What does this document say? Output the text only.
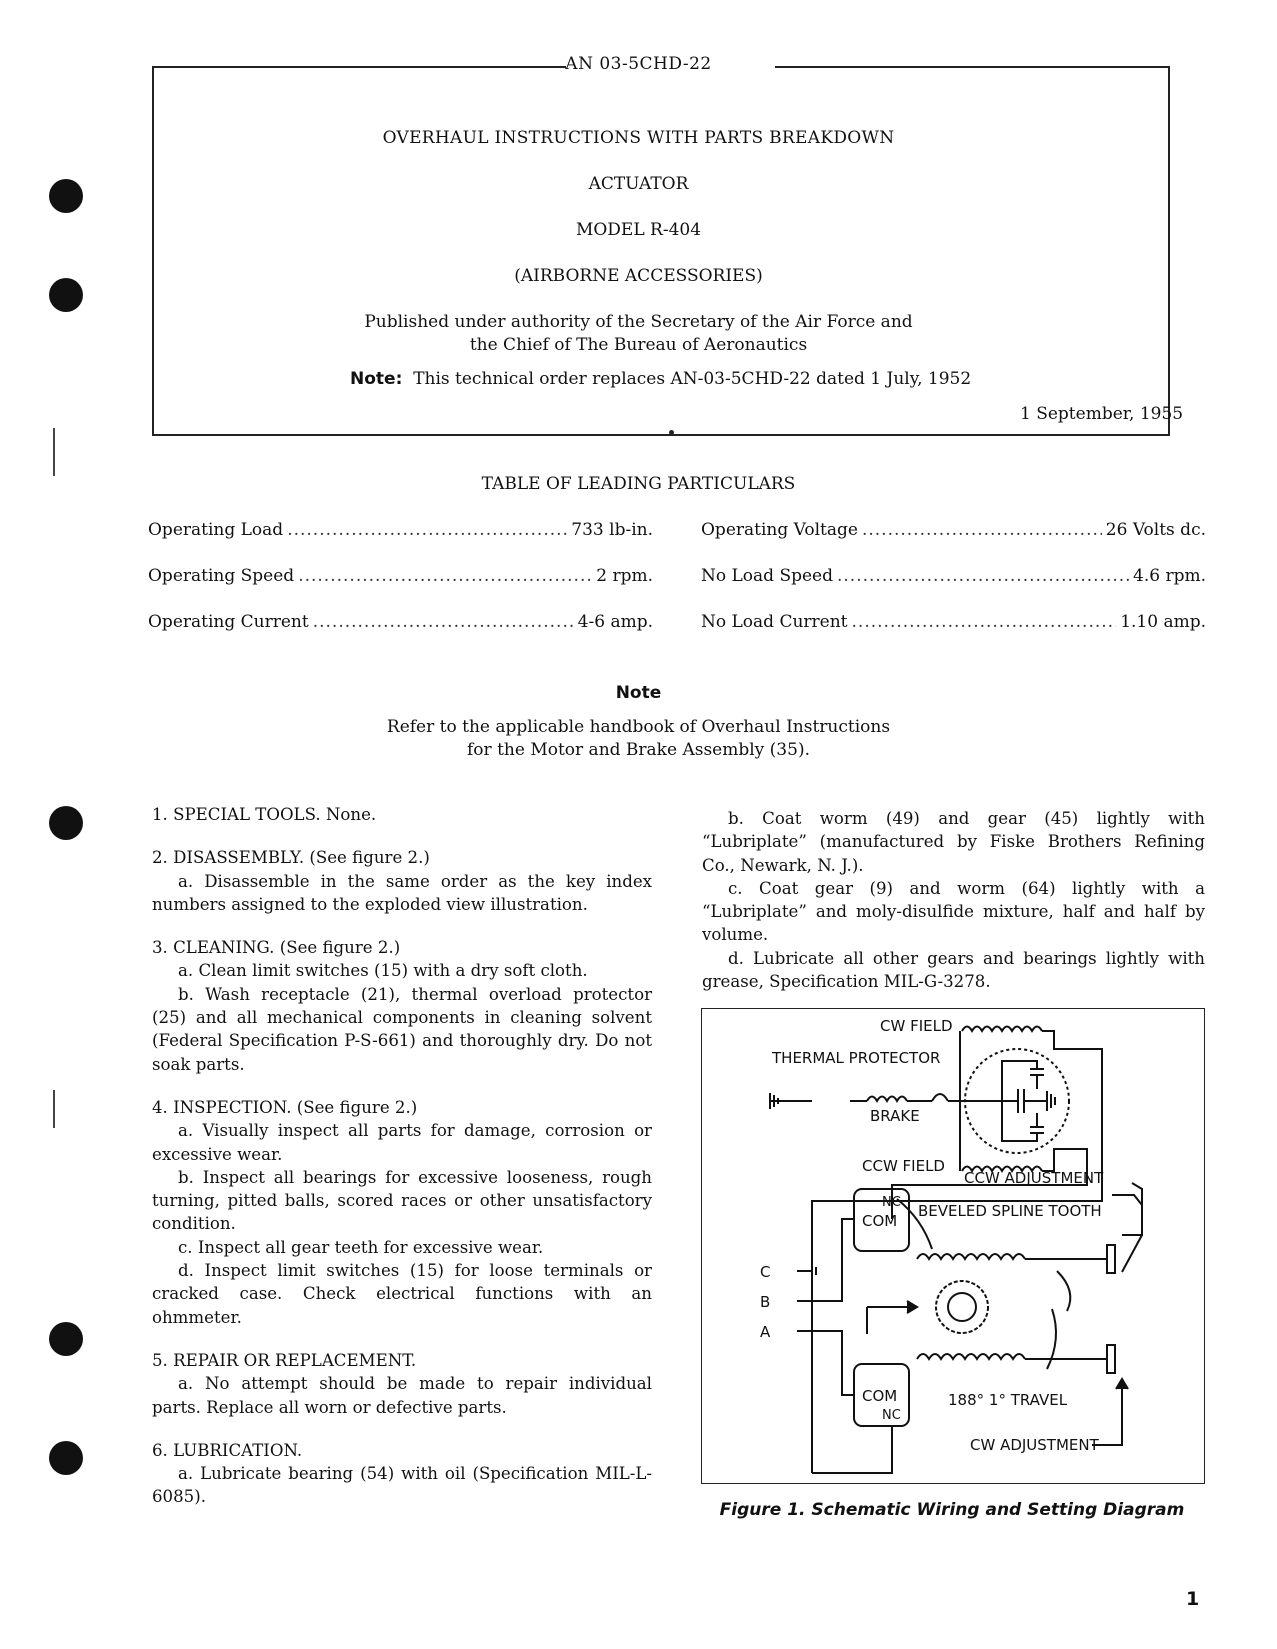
AN 03-5CHD-22
OVERHAUL INSTRUCTIONS WITH PARTS BREAKDOWN
ACTUATOR
MODEL R-404
(AIRBORNE ACCESSORIES)
Published under authority of the Secretary of the Air Force and
the Chief of The Bureau of Aeronautics
Note: This technical order replaces AN-03-5CHD-22 dated 1 July, 1952
1 September, 1955
TABLE OF LEADING PARTICULARS
Operating Load .....	733 lb-in.
Operating Speed .....	2 rpm.
Operating Current .....	4-6 amp.
Operating Voltage .....	26 Volts dc.
No Load Speed .....	4.6 rpm.
No Load Current .....	1.10 amp.
Note
Refer to the applicable handbook of Overhaul Instructions
for the Motor and Brake Assembly (35).

1. SPECIAL TOOLS. None.

2. DISASSEMBLY. (See figure 2.)

a. Disassemble in the same order as the key index numbers assigned to the exploded view illustration.

3. CLEANING. (See figure 2.)

a. Clean limit switches (15) with a dry soft cloth.

b. Wash receptacle (21), thermal overload protector (25) and all mechanical components in cleaning solvent (Federal Specification P-S-661) and thoroughly dry. Do not soak parts.

4. INSPECTION. (See figure 2.)

a. Visually inspect all parts for damage, corrosion or excessive wear.

b. Inspect all bearings for excessive looseness, rough turning, pitted balls, scored races or other unsatisfactory condition.

c. Inspect all gear teeth for excessive wear.

d. Inspect limit switches (15) for loose terminals or cracked case. Check electrical functions with an ohmmeter.

5. REPAIR OR REPLACEMENT.

a. No attempt should be made to repair individual parts. Replace all worn or defective parts.

6. LUBRICATION.

a. Lubricate bearing (54) with oil (Specification MIL-L-6085).

b. Coat worm (49) and gear (45) lightly with “Lubriplate” (manufactured by Fiske Brothers Refining Co., Newark, N. J.).

c. Coat gear (9) and worm (64) lightly with a “Lubriplate” and moly-disulfide mixture, half and half by volume.

d. Lubricate all other gears and bearings lightly with grease, Specification MIL-G-3278.

CW FIELD
THERMAL PROTECTOR
BRAKE
CCW FIELD
CCW ADJUSTMENT
NC
COM
BEVELED SPLINE TOOTH
C
B
A
COM
NC
188° 1° TRAVEL
CW ADJUSTMENT
Figure 1. Schematic Wiring and Setting Diagram
1
